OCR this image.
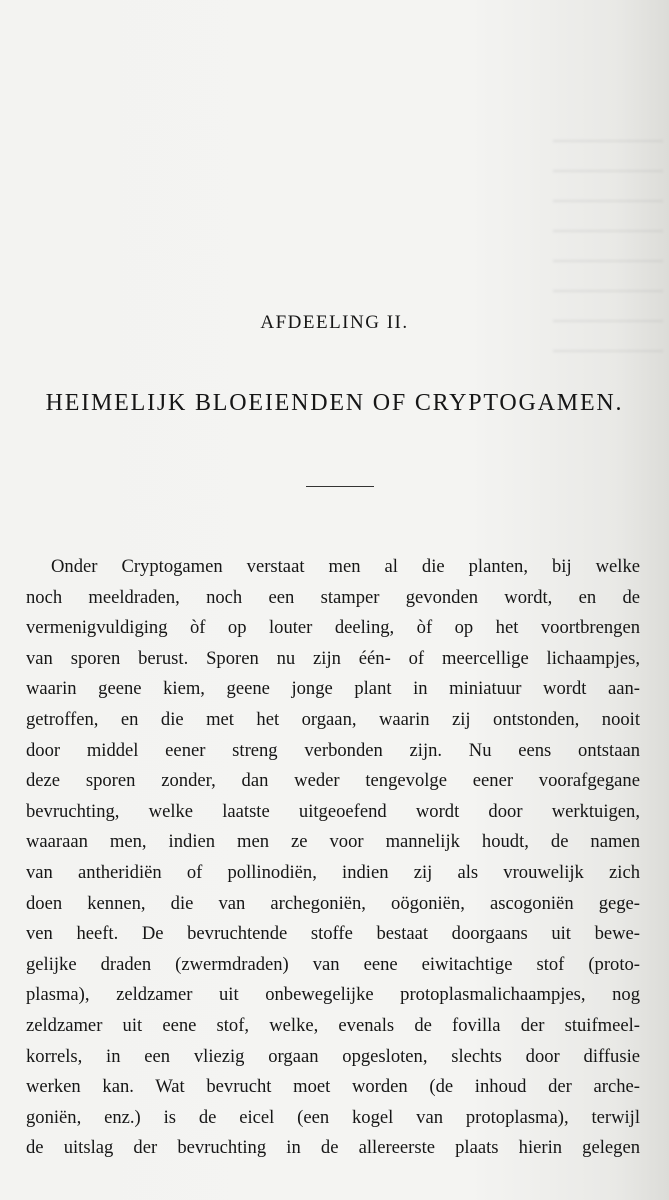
AFDEELING II.
HEIMELIJK BLOEIENDEN OF CRYPTOGAMEN.
Onder Cryptogamen verstaat men al die planten, bij welke
noch meeldraden, noch een stamper gevonden wordt, en de
vermenigvuldiging òf op louter deeling, òf op het voortbrengen
van sporen berust. Sporen nu zijn één- of meercellige lichaampjes,
waarin geene kiem, geene jonge plant in miniatuur wordt aan-
getroffen, en die met het orgaan, waarin zij ontstonden, nooit
door middel eener streng verbonden zijn. Nu eens ontstaan
deze sporen zonder, dan weder tengevolge eener voorafgegane
bevruchting, welke laatste uitgeoefend wordt door werktuigen,
waaraan men, indien men ze voor mannelijk houdt, de namen
van antheridiën of pollinodiën, indien zij als vrouwelijk zich
doen kennen, die van archegoniën, oögoniën, ascogoniën gege-
ven heeft. De bevruchtende stoffe bestaat doorgaans uit bewe-
gelijke draden (zwermdraden) van eene eiwitachtige stof (proto-
plasma), zeldzamer uit onbewegelijke protoplasmalichaampjes, nog
zeldzamer uit eene stof, welke, evenals de fovilla der stuifmeel-
korrels, in een vliezig orgaan opgesloten, slechts door diffusie
werken kan. Wat bevrucht moet worden (de inhoud der arche-
goniën, enz.) is de eicel (een kogel van protoplasma), terwijl
de uitslag der bevruchting in de allereerste plaats hierin gelegen
